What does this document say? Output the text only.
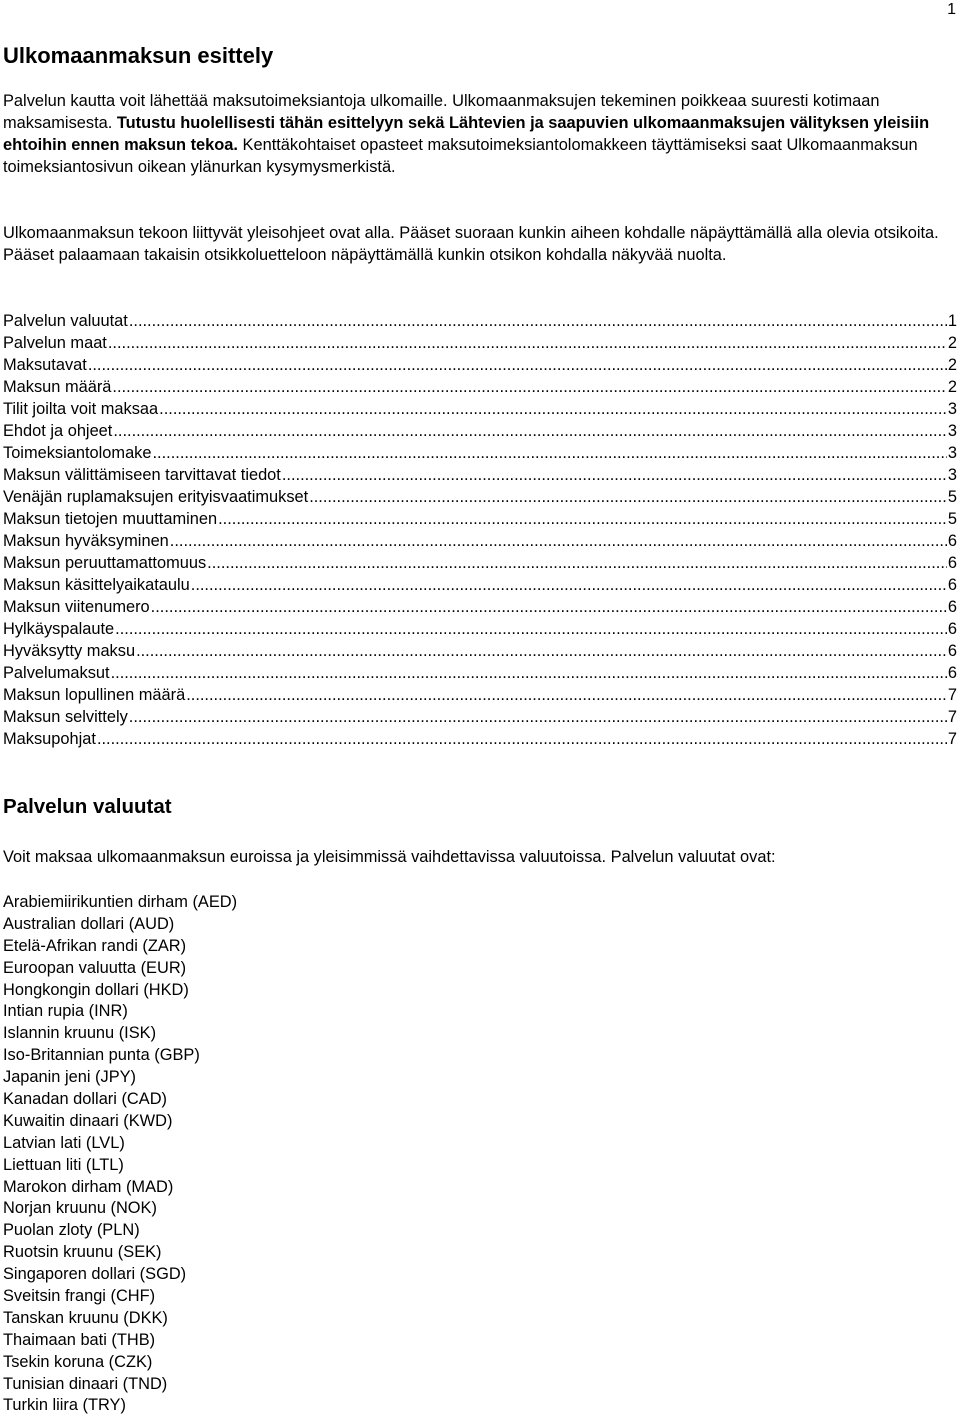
1
Ulkomaanmaksun esittely

Palvelun kautta voit lähettää maksutoimeksiantoja ulkomaille. Ulkomaanmaksujen tekeminen poikkeaa suuresti kotimaan maksamisesta. Tutustu huolellisesti tähän esittelyyn sekä Lähtevien ja saapuvien ulkomaanmaksujen välityksen yleisiin ehtoihin ennen maksun tekoa. Kenttäkohtaiset opasteet maksutoimeksiantolomakkeen täyttämiseksi saat Ulkomaanmaksun toimeksiantosivun oikean ylänurkan kysymysmerkistä.

Ulkomaanmaksun tekoon liittyvät yleisohjeet ovat alla. Pääset suoraan kunkin aiheen kohdalle näpäyttämällä alla olevia otsikoita. Pääset palaamaan takaisin otsikkoluetteloon näpäyttämällä kunkin otsikon kohdalla näkyvää nuolta.

Palvelun valuutat .....	1
Palvelun maat .....	2
Maksutavat .....	2
Maksun määrä .....	2
Tilit joilta voit maksaa .....	3
Ehdot ja ohjeet .....	3
Toimeksiantolomake .....	3
Maksun välittämiseen tarvittavat tiedot .....	3
Venäjän ruplamaksujen erityisvaatimukset .....	5
Maksun tietojen muuttaminen .....	5
Maksun hyväksyminen .....	6
Maksun peruuttamattomuus .....	6
Maksun käsittelyaikataulu .....	6
Maksun viitenumero .....	6
Hylkäyspalaute .....	6
Hyväksytty maksu .....	6
Palvelumaksut .....	6
Maksun lopullinen määrä .....	7
Maksun selvittely .....	7
Maksupohjat .....	7
Palvelun valuutat

Voit maksaa ulkomaanmaksun euroissa ja yleisimmissä vaihdettavissa valuutoissa. Palvelun valuutat ovat:

Arabiemiirikuntien dirham (AED)
Australian dollari (AUD)
Etelä-Afrikan randi (ZAR)
Euroopan valuutta (EUR)
Hongkongin dollari (HKD)
Intian rupia (INR)
Islannin kruunu (ISK)
Iso-Britannian punta (GBP)
Japanin jeni (JPY)
Kanadan dollari (CAD)
Kuwaitin dinaari (KWD)
Latvian lati (LVL)
Liettuan liti (LTL)
Marokon dirham (MAD)
Norjan kruunu (NOK)
Puolan zloty (PLN)
Ruotsin kruunu (SEK)
Singaporen dollari (SGD)
Sveitsin frangi (CHF)
Tanskan kruunu (DKK)
Thaimaan bati (THB)
Tsekin koruna (CZK)
Tunisian dinaari (TND)
Turkin liira (TRY)
